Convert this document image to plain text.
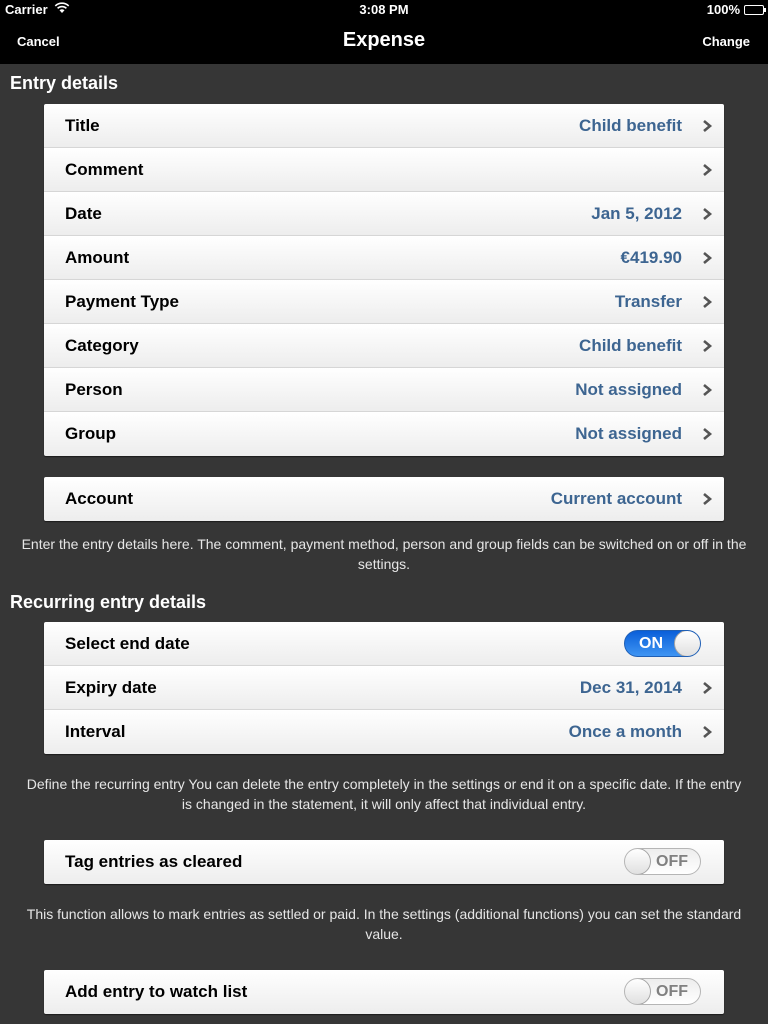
Carrier	3:08 PM	100%
Cancel	Expense	Change
Entry details
Title	Child benefit
Comment
Date	Jan 5, 2012
Amount	€419.90
Payment Type	Transfer
Category	Child benefit
Person	Not assigned
Group	Not assigned
Account	Current account
Enter the entry details here. The comment, payment method, person and group fields can be switched on or off in the settings.
Recurring entry details
Select end date	ON
Expiry date	Dec 31, 2014
Interval	Once a month
Define the recurring entry You can delete the entry completely in the settings or end it on a specific date. If the entry is changed in the statement, it will only affect that individual entry.
Tag entries as cleared	OFF
This function allows to mark entries as settled or paid. In the settings (additional functions) you can set the standard value.
Add entry to watch list	OFF
